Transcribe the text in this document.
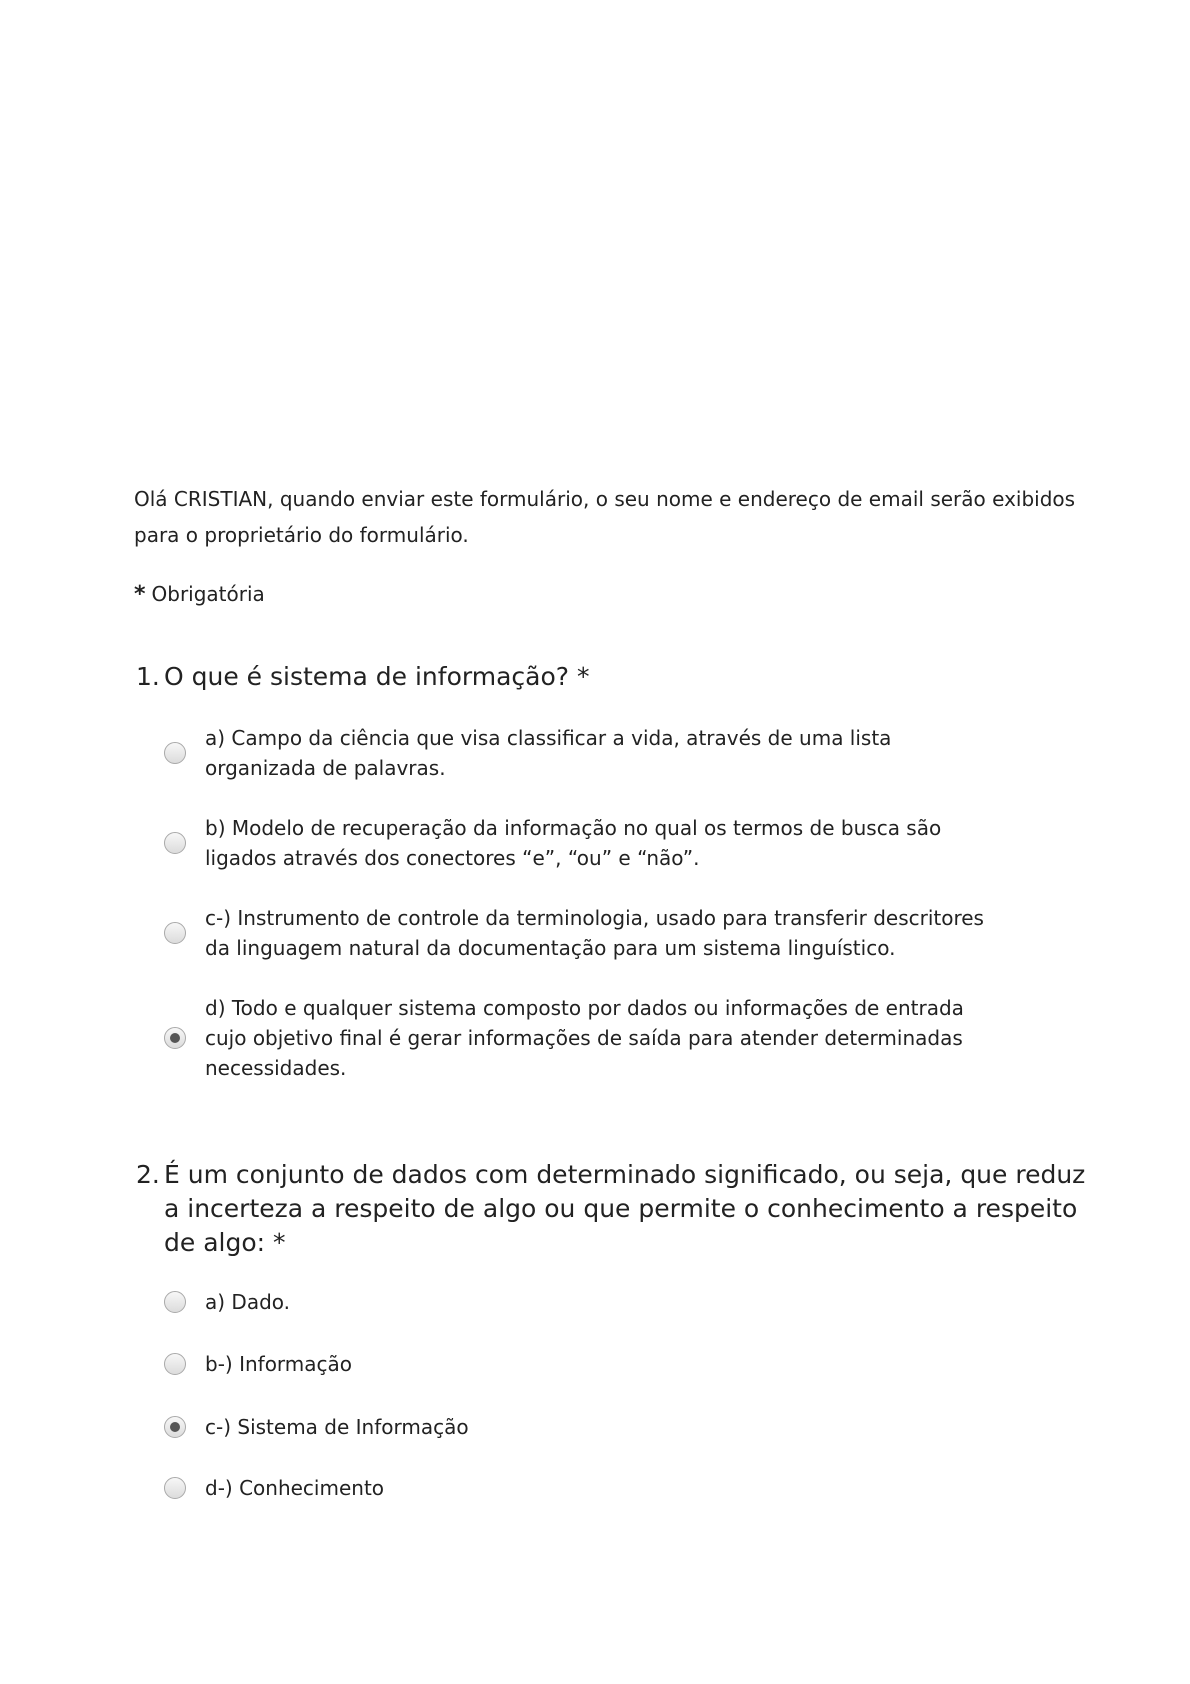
Olá CRISTIAN, quando enviar este formulário, o seu nome e endereço de email serão exibidos para o proprietário do formulário.
* Obrigatória
1. O que é sistema de informação? *
a) Campo da ciência que visa classificar a vida, através de uma lista organizada de palavras.
b) Modelo de recuperação da informação no qual os termos de busca são ligados através dos conectores “e”, “ou” e “não”.
c-) Instrumento de controle da terminologia, usado para transferir descritores da linguagem natural da documentação para um sistema linguístico.
d) Todo e qualquer sistema composto por dados ou informações de entrada cujo objetivo final é gerar informações de saída para atender determinadas necessidades.
2. É um conjunto de dados com determinado significado, ou seja, que reduz a incerteza a respeito de algo ou que permite o conhecimento a respeito de algo: *
a) Dado.
b-) Informação
c-) Sistema de Informação
d-) Conhecimento
